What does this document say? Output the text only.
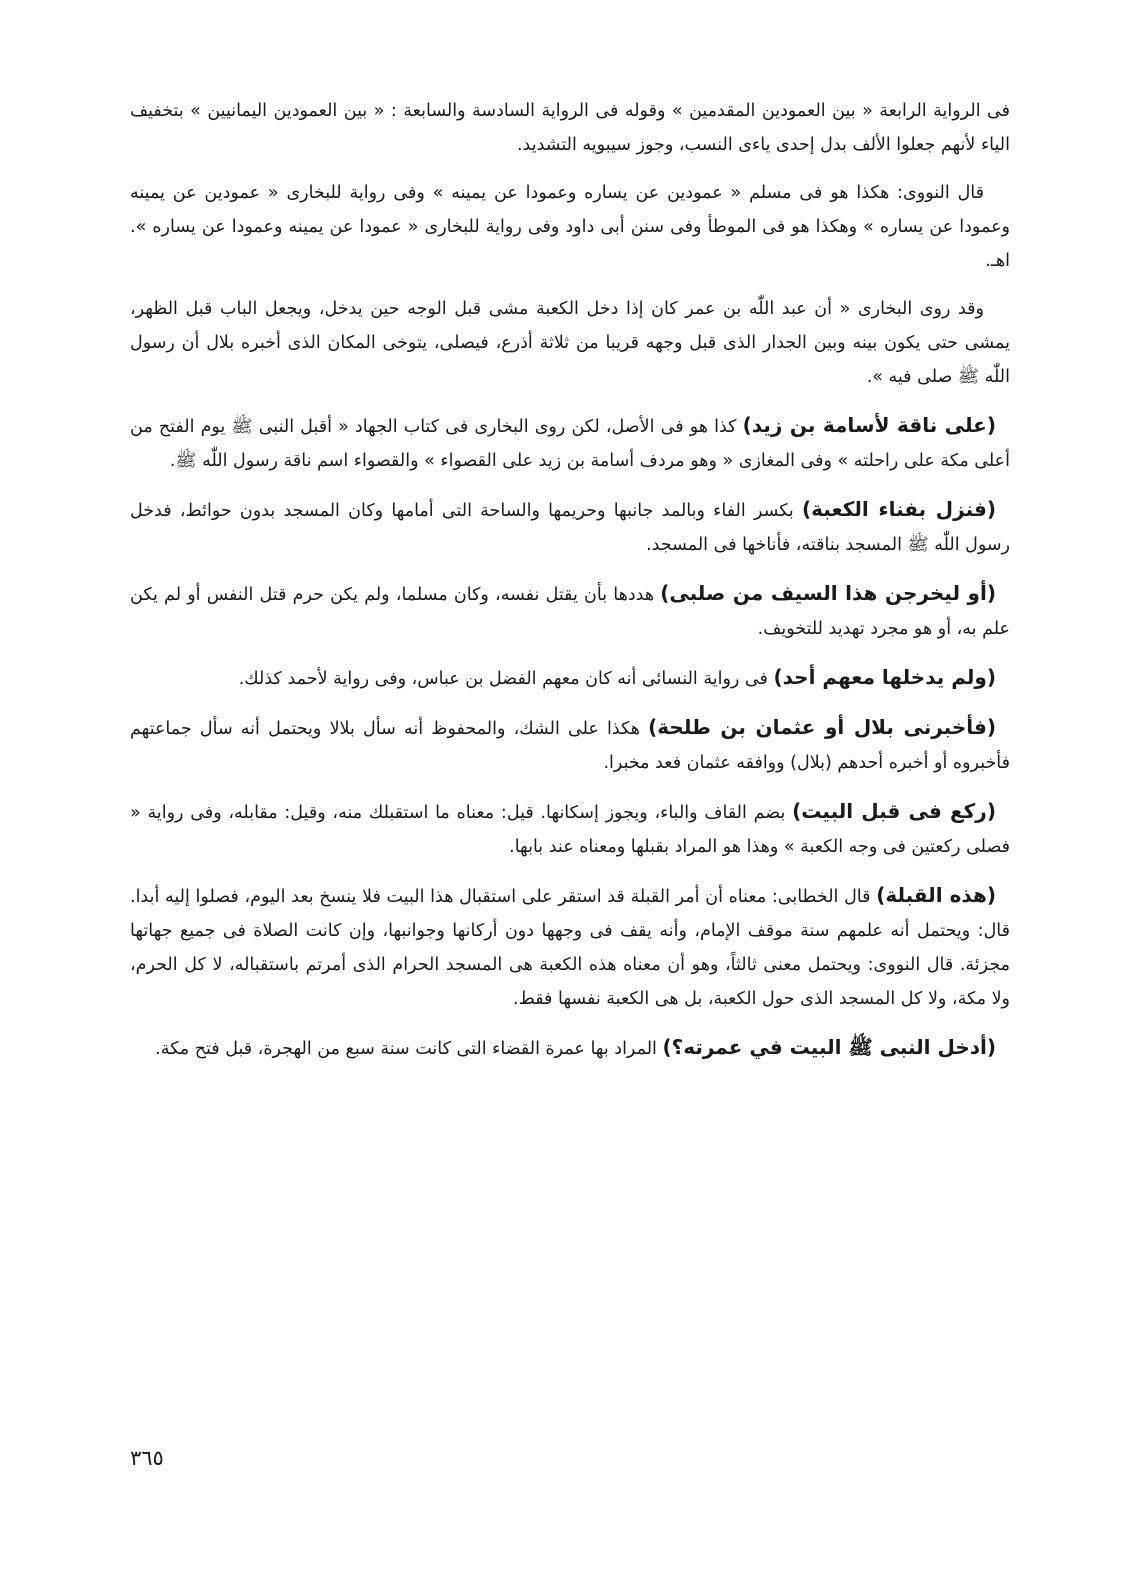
فى الرواية الرابعة « بين العمودين المقدمين » وقوله فى الرواية السادسة والسابعة : « بين العمودين اليمانيين » بتخفيف الياء لأنهم جعلوا الألف بدل إحدى ياءى النسب، وجوز سيبويه التشديد.

قال النووى: هكذا هو فى مسلم « عمودين عن يساره وعمودا عن يمينه » وفى رواية للبخارى « عمودين عن يمينه وعمودا عن يساره » وهكذا هو فى الموطأ وفى سنن أبى داود وفى رواية للبخارى « عمودا عن يمينه وعمودا عن يساره ». اهـ.

وقد روى البخارى « أن عبد اللّٰه بن عمر كان إذا دخل الكعبة مشى قبل الوجه حين يدخل، ويجعل الباب قبل الظهر، يمشى حتى يكون بينه وبين الجدار الذى قبل وجهه قريبا من ثلاثة أذرع، فيصلى، يتوخى المكان الذى أخبره بلال أن رسول اللّٰه ﷺ صلى فيه ».

(على ناقة لأسامة بن زيد) كذا هو فى الأصل، لكن روى البخارى فى كتاب الجهاد « أقبل النبى ﷺ يوم الفتح من أعلى مكة على راحلته » وفى المغازى « وهو مردف أسامة بن زيد على القصواء » والقصواء اسم ناقة رسول اللّٰه ﷺ.

(فنزل بفناء الكعبة) بكسر الفاء وبالمد جانبها وحريمها والساحة التى أمامها وكان المسجد بدون حوائط، فدخل رسول اللّٰه ﷺ المسجد بناقته، فأناخها فى المسجد.

(أو ليخرجن هذا السيف من صلبى) هددها بأن يقتل نفسه، وكان مسلما، ولم يكن حرم قتل النفس أو لم يكن علم به، أو هو مجرد تهديد للتخويف.

(ولم يدخلها معهم أحد) فى رواية النسائى أنه كان معهم الفضل بن عباس، وفى رواية لأحمد كذلك.

(فأخبرنى بلال أو عثمان بن طلحة) هكذا على الشك، والمحفوظ أنه سأل بلالا ويحتمل أنه سأل جماعتهم فأخبروه أو أخبره أحدهم (بلال) ووافقه عثمان فعد مخبرا.

(ركع فى قبل البيت) بضم القاف والباء، ويجوز إسكانها. قيل: معناه ما استقبلك منه، وقيل: مقابله، وفى رواية « فصلى ركعتين فى وجه الكعبة » وهذا هو المراد بقبلها ومعناه عند بابها.

(هذه القبلة) قال الخطابى: معناه أن أمر القبلة قد استقر على استقبال هذا البيت فلا ينسخ بعد اليوم، فصلوا إليه أبدا. قال: ويحتمل أنه علمهم سنة موقف الإمام، وأنه يقف فى وجهها دون أركانها وجوانبها، وإن كانت الصلاة فى جميع جهاتها مجزئة. قال النووى: ويحتمل معنى ثالثاً، وهو أن معناه هذه الكعبة هى المسجد الحرام الذى أمرتم باستقباله، لا كل الحرم، ولا مكة، ولا كل المسجد الذى حول الكعبة، بل هى الكعبة نفسها فقط.

(أدخل النبى ﷺ البيت في عمرته؟) المراد بها عمرة القضاء التى كانت سنة سبع من الهجرة، قبل فتح مكة.

٣٦٥
